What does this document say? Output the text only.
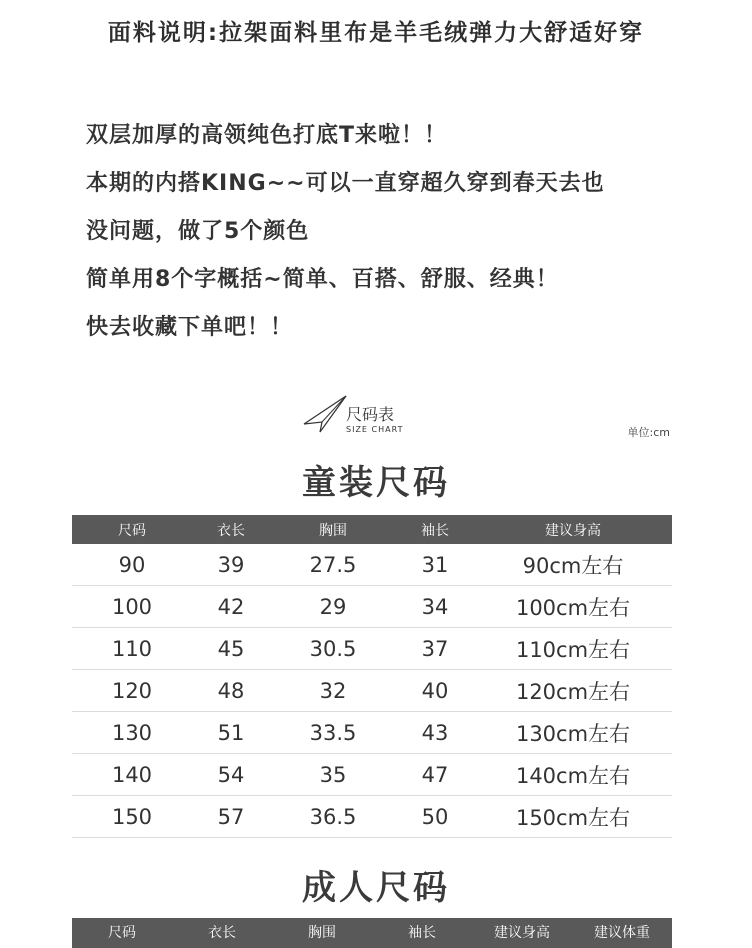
面料说明:拉架面料里布是羊毛绒弹力大舒适好穿
双层加厚的高领纯色打底T来啦！！
本期的内搭KING~~可以一直穿超久穿到春天去也
没问题，做了5个颜色
简单用8个字概括~简单、百搭、舒服、经典！
快去收藏下单吧！！
尺码表
SIZE CHART	单位:cm
童装尺码
尺码	衣长	胸围	袖长	建议身高
90	39	27.5	31	90cm左右
100	42	29	34	100cm左右
110	45	30.5	37	110cm左右
120	48	32	40	120cm左右
130	51	33.5	43	130cm左右
140	54	35	47	140cm左右
150	57	36.5	50	150cm左右
成人尺码
尺码	衣长	胸围	袖长	建议身高	建议体重
